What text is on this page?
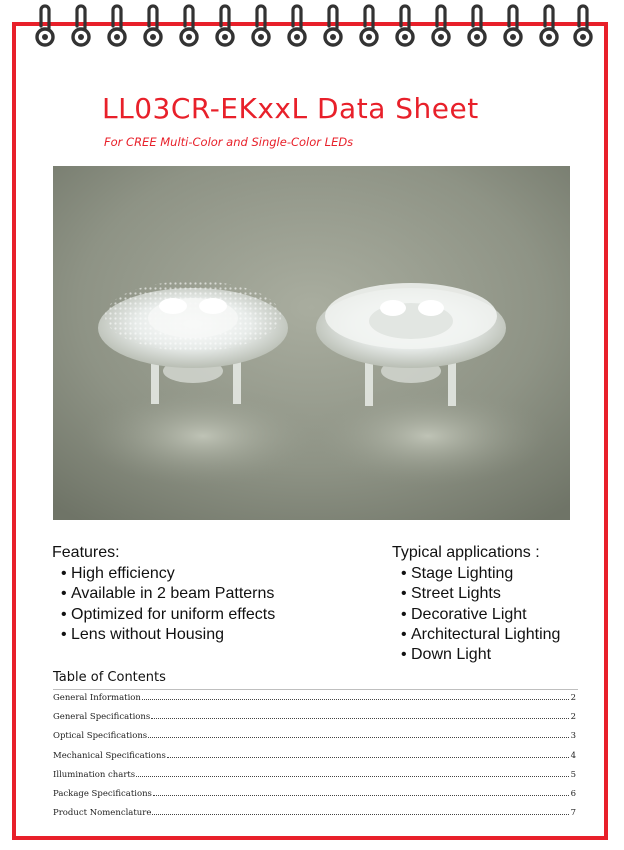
LL03CR-EKxxL Data Sheet
For CREE Multi-Color and Single-Color LEDs
Features:
• High efficiency
• Available in 2 beam Patterns
• Optimized for uniform effects
• Lens without Housing
Typical applications :
• Stage Lighting
• Street Lights
• Decorative Light
• Architectural Lighting
• Down Light
Table of Contents
General Information	2
General Specifications	2
Optical Specifications	3
Mechanical Specifications	4
Illumination charts	5
Package Specifications	6
Product Nomenclature	7
